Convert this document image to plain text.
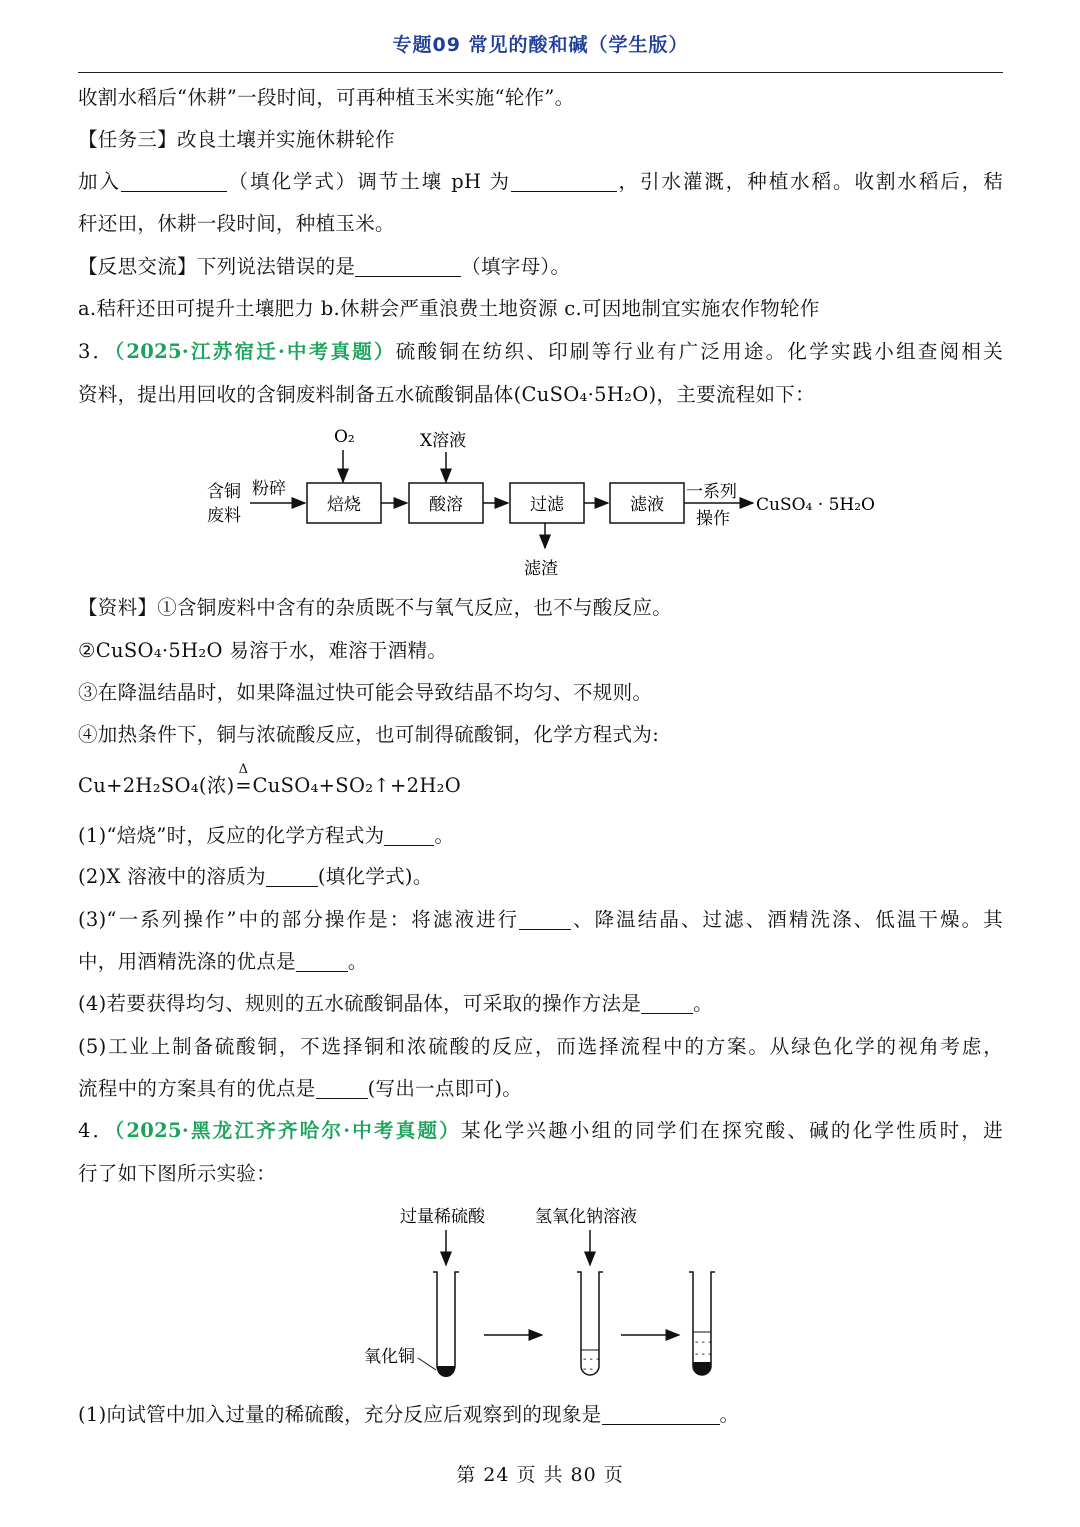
专题09 常见的酸和碱（学生版）
收割水稻后“休耕”一段时间，可再种植玉米实施“轮作”。
【任务三】改良土壤并实施休耕轮作
加入	（填化学式）调节土壤 pH 为	，引水灌溉，种植水稻。收割水稻后，秸
秆还田，休耕一段时间，种植玉米。
【反思交流】下列说法错误的是	（填字母）。
a.秸秆还田可提升土壤肥力 b.休耕会严重浪费土地资源 c.可因地制宜实施农作物轮作
3．（2025·江苏宿迁·中考真题）硫酸铜在纺织、印刷等行业有广泛用途。化学实践小组查阅相关
资料，提出用回收的含铜废料制备五水硫酸铜晶体(CuSO₄·5H₂O)，主要流程如下：
含铜
废料
粉碎
O₂	X溶液
焙烧	酸溶	过滤
滤渣
滤液
一系列
操作
CuSO₄ · 5H₂O
【资料】①含铜废料中含有的杂质既不与氧气反应，也不与酸反应。
②CuSO₄·5H₂O 易溶于水，难溶于酒精。
③在降温结晶时，如果降温过快可能会导致结晶不均匀、不规则。
④加热条件下，铜与浓硫酸反应，也可制得硫酸铜，化学方程式为:
Cu+2H₂SO₄(浓)
Δ
=CuSO₄+SO₂↑+2H₂O
(1)“焙烧”时，反应的化学方程式为	。
(2)X 溶液中的溶质为	(填化学式)。
(3)“一系列操作”中的部分操作是：将滤液进行	、降温结晶、过滤、酒精洗涤、低温干燥。其
中，用酒精洗涤的优点是	。
(4)若要获得均匀、规则的五水硫酸铜晶体，可采取的操作方法是	。
(5)工业上制备硫酸铜，不选择铜和浓硫酸的反应，而选择流程中的方案。从绿色化学的视角考虑，
流程中的方案具有的优点是	(写出一点即可)。
4．（2025·黑龙江齐齐哈尔·中考真题）某化学兴趣小组的同学们在探究酸、碱的化学性质时，进
行了如下图所示实验：
过量稀硫酸	氢氧化钠溶液
氧化铜	- - -
- -
- - -
- - -
(1)向试管中加入过量的稀硫酸，充分反应后观察到的现象是	。
第 24 页 共 80 页
